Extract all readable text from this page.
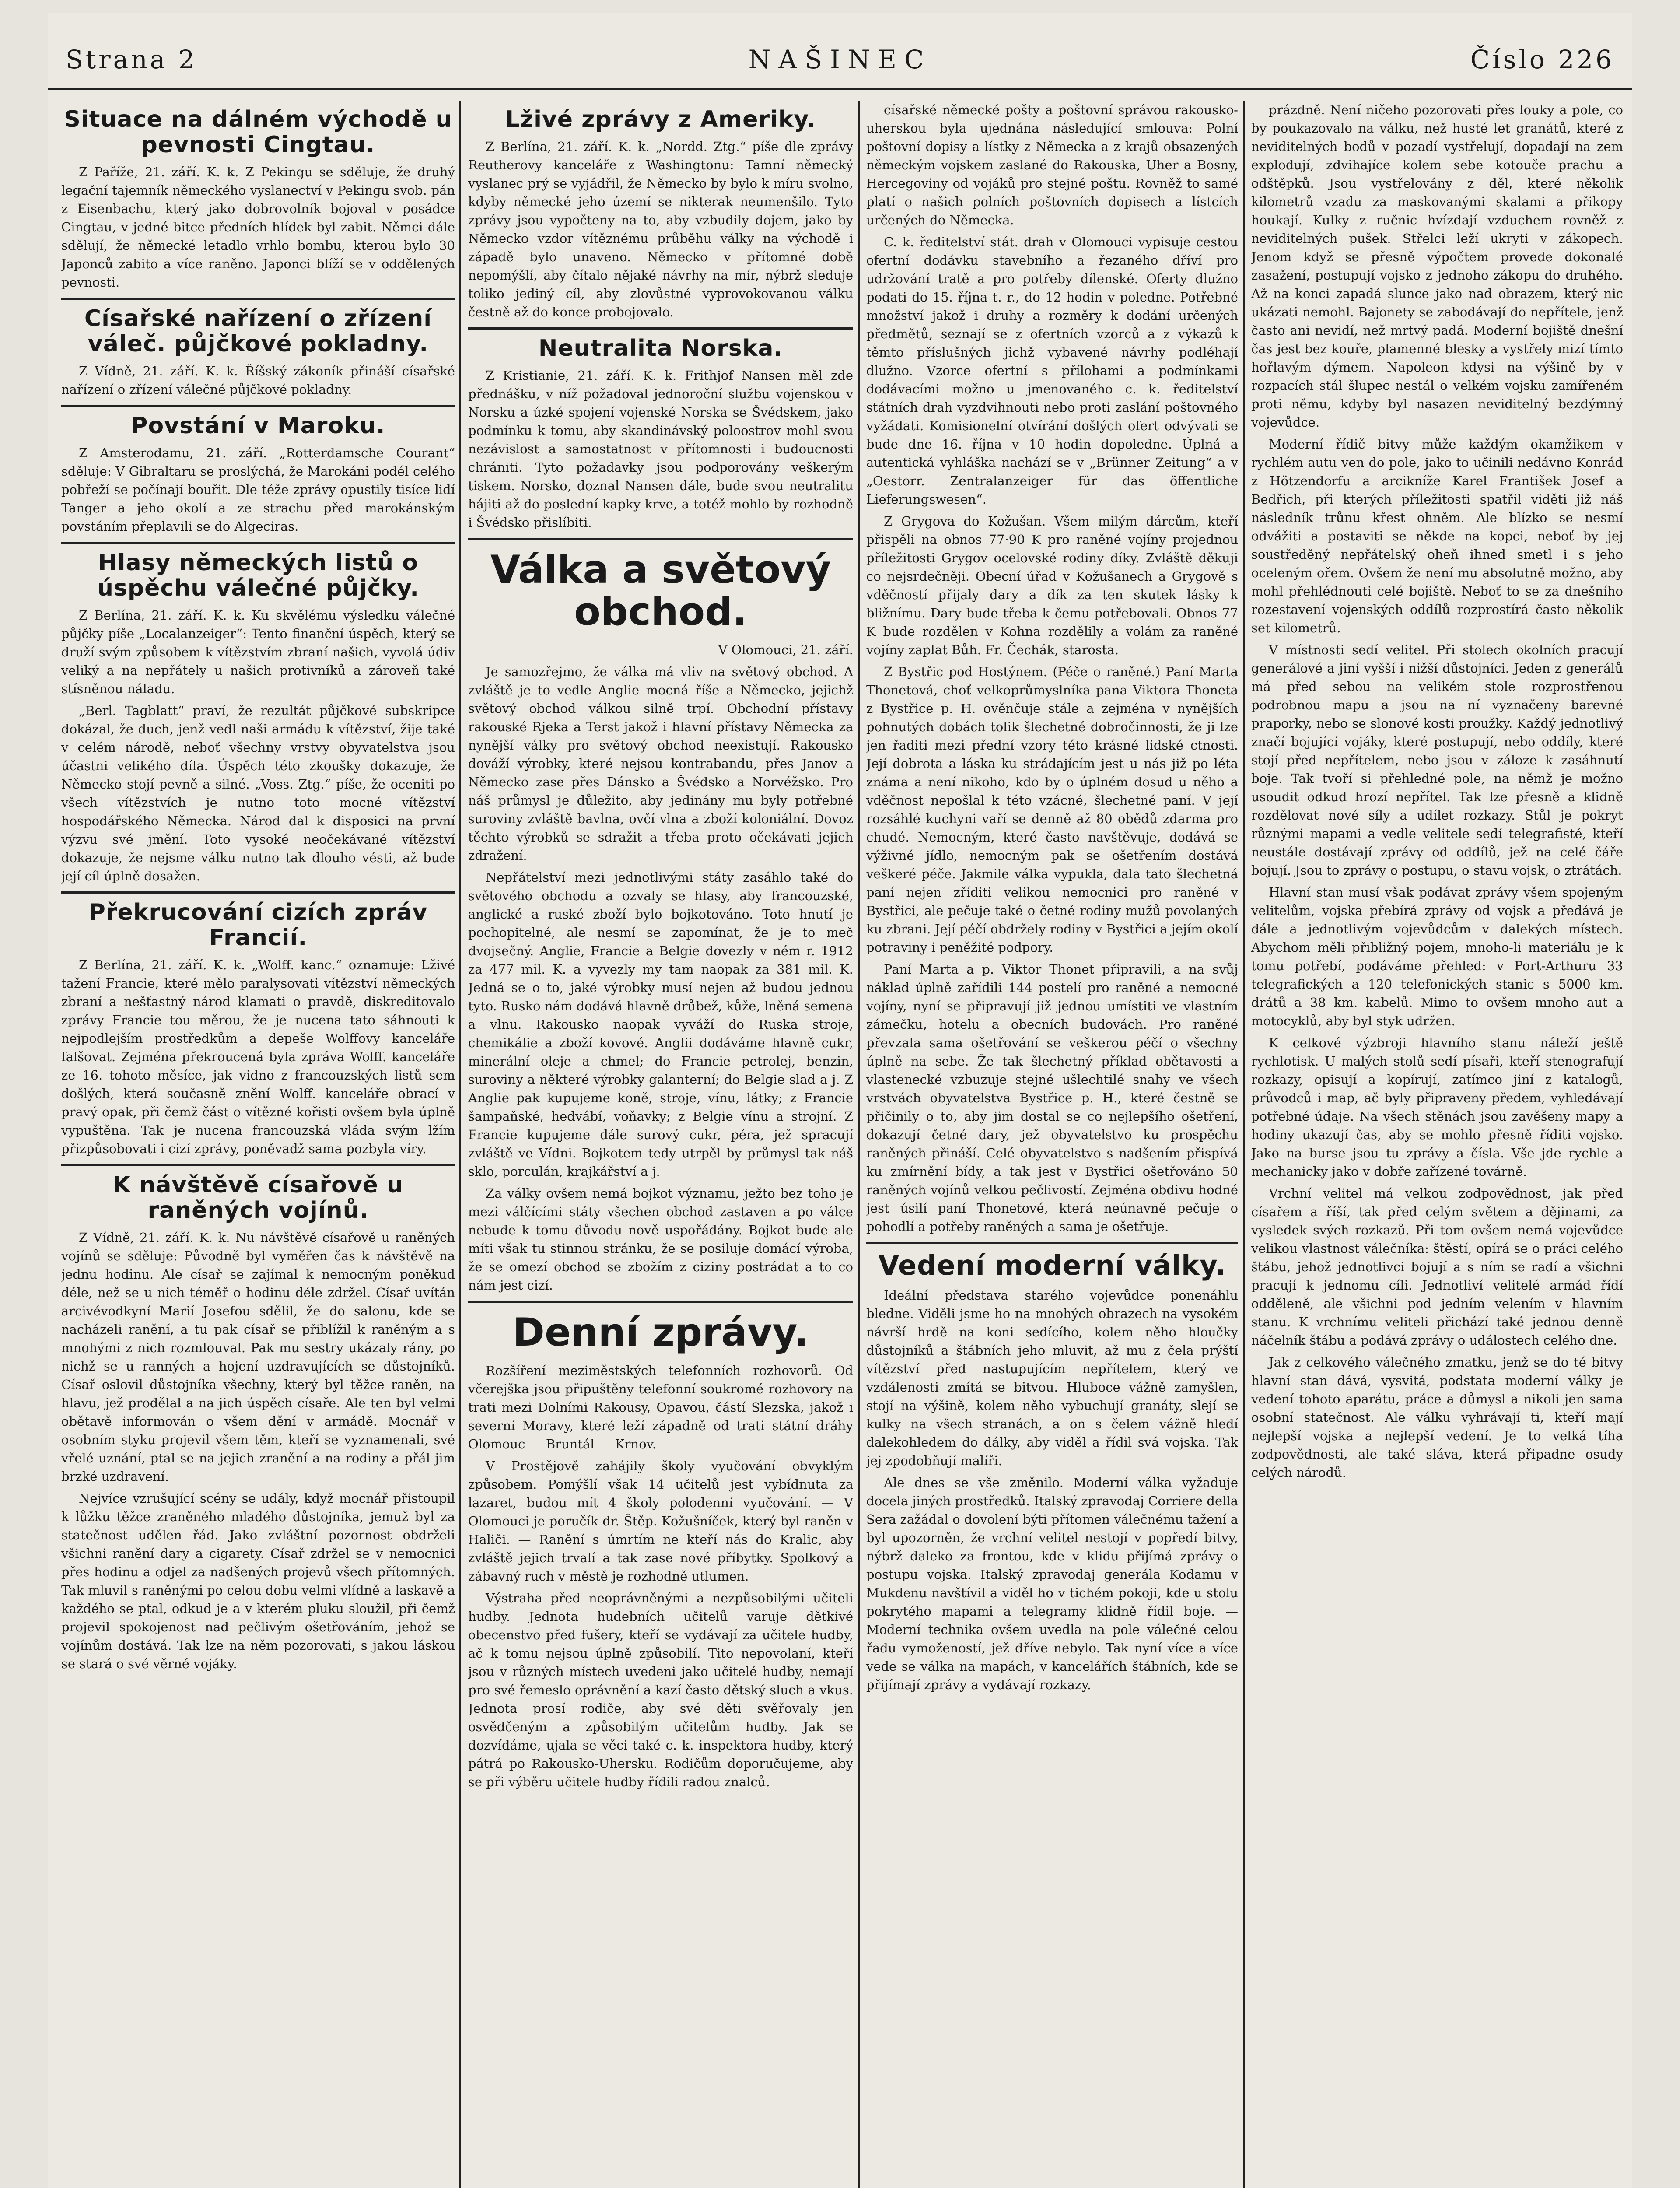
Strana 2	NAŠINEC	Číslo 226
Situace na dálném východě u pevnosti Cingtau.

Z Paříže, 21. září. K. k. Z Pekingu se sděluje, že druhý legační tajemník německého vyslanectví v Pekingu svob. pán z Eisenbachu, který jako dobrovolník bojoval v posádce Cingtau, v jedné bitce předních hlídek byl zabit. Němci dále sdělují, že německé letadlo vrhlo bombu, kterou bylo 30 Japonců zabito a více raněno. Japonci blíží se v oddělených pevnosti.

Císařské nařízení o zřízení váleč. půjčkové pokladny.

Z Vídně, 21. září. K. k. Říšský zákoník přináší císařské nařízení o zřízení válečné půjčkové pokladny.

Povstání v Maroku.

Z Amsterodamu, 21. září. „Rotterdamsche Courant“ sděluje: V Gibraltaru se proslýchá, že Marokáni podél celého pobřeží se počínají bouřit. Dle téže zprávy opustily tisíce lidí Tanger a jeho okolí a ze strachu před marokánským povstáním přeplavili se do Algeciras.

Hlasy německých listů o úspěchu válečné půjčky.

Z Berlína, 21. září. K. k. Ku skvělému výsledku válečné půjčky píše „Localanzeiger“: Tento finanční úspěch, který se druží svým způsobem k vítězstvím zbraní našich, vyvolá údiv veliký a na nepřátely u našich protivníků a zároveň také stísněnou náladu.

„Berl. Tagblatt“ praví, že rezultát půjčkové subskripce dokázal, že duch, jenž vedl naši armádu k vítězství, žije také v celém národě, neboť všechny vrstvy obyvatelstva jsou účastni velikého díla. Úspěch této zkoušky dokazuje, že Německo stojí pevně a silné. „Voss. Ztg.“ píše, že oceniti po všech vítězstvích je nutno toto mocné vítězství hospodářského Německa. Národ dal k disposici na první výzvu své jmění. Toto vysoké neočekávané vítězství dokazuje, že nejsme válku nutno tak dlouho vésti, až bude její cíl úplně dosažen.

Překrucování cizích zpráv Francií.

Z Berlína, 21. září. K. k. „Wolff. kanc.“ oznamuje: Lživé tažení Francie, které mělo paralysovati vítězství německých zbraní a nešťastný národ klamati o pravdě, diskreditovalo zprávy Francie tou měrou, že je nucena tato sáhnouti k nejpodlejším prostředkům a depeše Wolffovy kanceláře falšovat. Zejména překroucená byla zpráva Wolff. kanceláře ze 16. tohoto měsíce, jak vidno z francouzských listů sem došlých, která současně znění Wolff. kanceláře obrací v pravý opak, při čemž část o vítězné kořisti ovšem byla úplně vypuštěna. Tak je nucena francouzská vláda svým lžím přizpůsobovati i cizí zprávy, poněvadž sama pozbyla víry.

K návštěvě císařově u raněných vojínů.

Z Vídně, 21. září. K. k. Nu návštěvě císařově u raněných vojínů se sděluje: Původně byl vyměřen čas k návštěvě na jednu hodinu. Ale císař se zajímal k nemocným poněkud déle, než se u nich téměř o hodinu déle zdržel. Císař uvítán arcivévodkyní Marií Josefou sdělil, že do salonu, kde se nacházeli ranění, a tu pak císař se přiblížil k raněným a s mnohými z nich rozmlouval. Pak mu sestry ukázaly rány, po nichž se u ranných a hojení uzdravujících se důstojníků. Císař oslovil důstojníka všechny, který byl těžce raněn, na hlavu, jež prodělal a na jich úspěch císaře. Ale ten byl velmi obětavě informován o všem dění v armádě. Mocnář v osobním styku projevil všem těm, kteří se vyznamenali, své vřelé uznání, ptal se na jejich zranění a na rodiny a přál jim brzké uzdravení.

Nejvíce vzrušující scény se udály, když mocnář přistoupil k lůžku těžce zraněného mladého důstojníka, jemuž byl za statečnost udělen řád. Jako zvláštní pozornost obdrželi všichni ranění dary a cigarety. Císař zdržel se v nemocnici přes hodinu a odjel za nadšených projevů všech přítomných. Tak mluvil s raněnými po celou dobu velmi vlídně a laskavě a každého se ptal, odkud je a v kterém pluku sloužil, při čemž projevil spokojenost nad pečlivým ošetřováním, jehož se vojínům dostává. Tak lze na něm pozorovati, s jakou láskou se stará o své věrné vojáky.

Lživé zprávy z Ameriky.

Z Berlína, 21. září. K. k. „Nordd. Ztg.“ píše dle zprávy Reutherovy kanceláře z Washingtonu: Tamní německý vyslanec prý se vyjádřil, že Německo by bylo k míru svolno, kdyby německé jeho území se nikterak neumenšilo. Tyto zprávy jsou vypočteny na to, aby vzbudily dojem, jako by Německo vzdor vítěznému průběhu války na východě i západě bylo unaveno. Německo v přítomné době nepomýšlí, aby čítalo nějaké návrhy na mír, nýbrž sleduje toliko jediný cíl, aby zlovůstné vyprovokovanou válku čestně až do konce probojovalo.

Neutralita Norska.

Z Kristianie, 21. září. K. k. Frithjof Nansen měl zde přednášku, v níž požadoval jednoroční službu vojenskou v Norsku a úzké spojení vojenské Norska se Švédskem, jako podmínku k tomu, aby skandinávský poloostrov mohl svou nezávislost a samostatnost v přítomnosti i budoucnosti chrániti. Tyto požadavky jsou podporovány veškerým tiskem. Norsko, doznal Nansen dále, bude svou neutralitu hájiti až do poslední kapky krve, a totéž mohlo by rozhodně i Švédsko přislíbiti.

Válka a světový obchod.

V Olomouci, 21. září.

Je samozřejmo, že válka má vliv na světový obchod. A zvláště je to vedle Anglie mocná říše a Německo, jejichž světový obchod válkou silně trpí. Obchodní přístavy rakouské Rjeka a Terst jakož i hlavní přístavy Německa za nynější války pro světový obchod neexistují. Rakousko dováží výrobky, které nejsou kontrabandu, přes Janov a Německo zase přes Dánsko a Švédsko a Norvéžsko. Pro náš průmysl je důležito, aby jedinány mu byly potřebné suroviny zvláště bavlna, ovčí vlna a zboží koloniální. Dovoz těchto výrobků se sdražit a třeba proto očekávati jejich zdražení.

Nepřátelství mezi jednotlivými státy zasáhlo také do světového obchodu a ozvaly se hlasy, aby francouzské, anglické a ruské zboží bylo bojkotováno. Toto hnutí je pochopitelné, ale nesmí se zapomínat, že je to meč dvojsečný. Anglie, Francie a Belgie dovezly v ném r. 1912 za 477 mil. K. a vyvezly my tam naopak za 381 mil. K. Jedná se o to, jaké výrobky musí nejen až budou jednou tyto. Rusko nám dodává hlavně drůbež, kůže, lněná semena a vlnu. Rakousko naopak vyváží do Ruska stroje, chemikálie a zboží kovové. Anglii dodáváme hlavně cukr, minerální oleje a chmel; do Francie petrolej, benzin, suroviny a některé výrobky galanterní; do Belgie slad a j. Z Anglie pak kupujeme koně, stroje, vínu, látky; z Francie šampaňské, hedvábí, voňavky; z Belgie vínu a strojní. Z Francie kupujeme dále surový cukr, péra, jež spracují zvláště ve Vídni. Bojkotem tedy utrpěl by průmysl tak náš sklo, porculán, krajkářství a j.

Za války ovšem nemá bojkot významu, ježto bez toho je mezi válčícími státy všechen obchod zastaven a po válce nebude k tomu důvodu nově uspořádány. Bojkot bude ale míti však tu stinnou stránku, že se posiluje domácí výroba, že se omezí obchod se zbožím z ciziny postrádat a to co nám jest cizí.

Denní zprávy.

Rozšíření meziměstských telefonních rozhovorů. Od včerejška jsou připuštěny telefonní soukromé rozhovory na trati mezi Dolními Rakousy, Opavou, částí Slezska, jakož i severní Moravy, které leží západně od trati státní dráhy Olomouc — Bruntál — Krnov.

V Prostějově zahájily školy vyučování obvyklým způsobem. Pomýšlí však 14 učitelů jest vybídnuta za lazaret, budou mít 4 školy polodenní vyučování. — V Olomouci je poručík dr. Štěp. Kožušníček, který byl raněn v Haliči. — Ranění s úmrtím ne kteří nás do Kralic, aby zvláště jejich trvalí a tak zase nové příbytky. Spolkový a zábavný ruch v městě je rozhodně utlumen.

Výstraha před neoprávněnými a nezpůsobilými učiteli hudby. Jednota hudebních učitelů varuje dětkivé obecenstvo před fušery, kteří se vydávají za učitele hudby, ač k tomu nejsou úplně způsobilí. Tito nepovolaní, kteří jsou v různých místech uvedeni jako učitelé hudby, nemají pro své řemeslo oprávnění a kazí často dětský sluch a vkus. Jednota prosí rodiče, aby své děti svěřovaly jen osvědčeným a způsobilým učitelům hudby. Jak se dozvídáme, ujala se věci také c. k. inspektora hudby, který pátrá po Rakousko-Uhersku. Rodičům doporučujeme, aby se při výběru učitele hudby řídili radou znalců.

císařské německé pošty a poštovní správou rakousko-uherskou byla ujednána následující smlouva: Polní poštovní dopisy a lístky z Německa a z krajů obsazených německým vojskem zaslané do Rakouska, Uher a Bosny, Hercegoviny od vojáků pro stejné poštu. Rovněž to samé platí o našich polních poštovních dopisech a lístcích určených do Německa.

C. k. ředitelství stát. drah v Olomouci vypisuje cestou ofertní dodávku stavebního a řezaného dříví pro udržování tratě a pro potřeby dílenské. Oferty dlužno podati do 15. října t. r., do 12 hodin v poledne. Potřebné množství jakož i druhy a rozměry k dodání určených předmětů, seznají se z ofertních vzorců a z výkazů k těmto příslušných jichž vybavené návrhy podléhají dlužno. Vzorce ofertní s přílohami a podmínkami dodávacími možno u jmenovaného c. k. ředitelství státních drah vyzdvihnouti nebo proti zaslání poštovného vyžádati. Komisionelní otvírání došlých ofert odvývati se bude dne 16. října v 10 hodin dopoledne. Úplná a autentická vyhláška nachází se v „Brünner Zeitung“ a v „Oestorr. Zentralanzeiger für das öffentliche Lieferungswesen“.

Z Grygova do Kožušan. Všem milým dárcům, kteří přispěli na obnos 77·90 K pro raněné vojíny projednou příležitosti Grygov ocelovské rodiny díky. Zvláště děkuji co nejsrdečněji. Obecní úřad v Kožušanech a Grygově s vděčností přijaly dary a dík za ten skutek lásky k bližnímu. Dary bude třeba k čemu potřebovali. Obnos 77 K bude rozdělen v Kohna rozdělily a volám za raněné vojíny zaplat Bůh. Fr. Čechák, starosta.

Z Bystřic pod Hostýnem. (Péče o raněné.) Paní Marta Thonetová, choť velkoprůmyslníka pana Viktora Thoneta z Bystřice p. H. ověnčuje stále a zejména v nynějších pohnutých dobách tolik šlechetné dobročinnosti, že ji lze jen řaditi mezi přední vzory této krásné lidské ctnosti. Její dobrota a láska ku strádajícím jest u nás již po léta známa a není nikoho, kdo by o úplném dosud u něho a vděčnost nepošlal k této vzácné, šlechetné paní. V její rozsáhlé kuchyni vaří se denně až 80 obědů zdarma pro chudé. Nemocným, které často navštěvuje, dodává se výživné jídlo, nemocným pak se ošetřením dostává veškeré péče. Jakmile válka vypukla, dala tato šlechetná paní nejen zříditi velikou nemocnici pro raněné v Bystřici, ale pečuje také o četné rodiny mužů povolaných ku zbrani. Její péčí obdržely rodiny v Bystřici a jejím okolí potraviny i peněžité podpory.

Paní Marta a p. Viktor Thonet připravili, a na svůj náklad úplně zařídili 144 postelí pro raněné a nemocné vojíny, nyní se připravují již jednou umístiti ve vlastním zámečku, hotelu a obecních budovách. Pro raněné převzala sama ošetřování se veškerou péčí o všechny úplně na sebe. Že tak šlechetný příklad obětavosti a vlastenecké vzbuzuje stejné ušlechtilé snahy ve všech vrstvách obyvatelstva Bystřice p. H., které čestně se přičinily o to, aby jim dostal se co nejlepšího ošetření, dokazují četné dary, jež obyvatelstvo ku prospěchu raněných přináší. Celé obyvatelstvo s nadšením přispívá ku zmírnění bídy, a tak jest v Bystřici ošetřováno 50 raněných vojínů velkou pečlivostí. Zejména obdivu hodné jest úsilí paní Thonetové, která neúnavně pečuje o pohodlí a potřeby raněných a sama je ošetřuje.

Vedení moderní války.

Ideální představa starého vojevůdce ponenáhlu bledne. Viděli jsme ho na mnohých obrazech na vysokém návrší hrdě na koni sedícího, kolem něho hloučky důstojníků a štábních jeho mluvit, až mu z čela prýští vítězství před nastupujícím nepřítelem, který ve vzdálenosti zmítá se bitvou. Hluboce vážně zamyšlen, stojí na výšině, kolem něho vybuchují granáty, slejí se kulky na všech stranách, a on s čelem vážně hledí dalekohledem do dálky, aby viděl a řídil svá vojska. Tak jej zpodobňují malíři.

Ale dnes se vše změnilo. Moderní válka vyžaduje docela jiných prostředků. Italský zpravodaj Corriere della Sera zažádal o dovolení býti přítomen válečnému tažení a byl upozorněn, že vrchní velitel nestojí v popředí bitvy, nýbrž daleko za frontou, kde v klidu přijímá zprávy o postupu vojska. Italský zpravodaj generála Kodamu v Mukdenu navštívil a viděl ho v tichém pokoji, kde u stolu pokrytého mapami a telegramy klidně řídil boje. — Moderní technika ovšem uvedla na pole válečné celou řadu vymožeností, jež dříve nebylo. Tak nyní více a více vede se válka na mapách, v kancelářích štábních, kde se přijímají zprávy a vydávají rozkazy.

prázdně. Není ničeho pozorovati přes louky a pole, co by poukazovalo na válku, než husté let granátů, které z neviditelných bodů v pozadí vystřelují, dopadají na zem explodují, zdvihajíce kolem sebe kotouče prachu a odštěpků. Jsou vystřelovány z děl, které několik kilometrů vzadu za maskovanými skalami a přikopy houkají. Kulky z ručnic hvízdají vzduchem rovněž z neviditelných pušek. Střelci leží ukryti v zákopech. Jenom když se přesně výpočtem provede dokonalé zasažení, postupují vojsko z jednoho zákopu do druhého. Až na konci zapadá slunce jako nad obrazem, který nic ukázati nemohl. Bajonety se zabodávají do nepřítele, jenž často ani nevidí, než mrtvý padá. Moderní bojiště dnešní čas jest bez kouře, plamenné blesky a vystřely mizí tímto hořlavým dýmem. Napoleon kdysi na výšině by v rozpacích stál šlupec nestál o velkém vojsku zamířeném proti němu, kdyby byl nasazen neviditelný bezdýmný vojevůdce.

Moderní řídič bitvy může každým okamžikem v rychlém autu ven do pole, jako to učinili nedávno Konrád z Hötzendorfu a arcikníže Karel František Josef a Bedřich, při kterých příležitosti spatřil viděti již náš následník trůnu křest ohněm. Ale blízko se nesmí odvážiti a postaviti se někde na kopci, neboť by jej soustředěný nepřátelský oheň ihned smetl i s jeho oceleným ořem. Ovšem že není mu absolutně možno, aby mohl přehlédnouti celé bojiště. Neboť to se za dnešního rozestavení vojenských oddílů rozprostírá často několik set kilometrů.

V místnosti sedí velitel. Při stolech okolních pracují generálové a jiní vyšší i nižší důstojníci. Jeden z generálů má před sebou na velikém stole rozprostřenou podrobnou mapu a jsou na ní vyznačeny barevné praporky, nebo se slonové kosti proužky. Každý jednotlivý značí bojující vojáky, které postupují, nebo oddíly, které stojí před nepřítelem, nebo jsou v záloze k zasáhnutí boje. Tak tvoří si přehledné pole, na němž je možno usoudit odkud hrozí nepřítel. Tak lze přesně a klidně rozdělovat nové síly a udílet rozkazy. Stůl je pokryt různými mapami a vedle velitele sedí telegrafisté, kteří neustále dostávají zprávy od oddílů, jež na celé čáře bojují. Jsou to zprávy o postupu, o stavu vojsk, o ztrátách.

Hlavní stan musí však podávat zprávy všem spojeným velitelům, vojska přebírá zprávy od vojsk a předává je dále a jednotlivým vojevůdcům v dalekých místech. Abychom měli přibližný pojem, mnoho-li materiálu je k tomu potřebí, podáváme přehled: v Port-Arthuru 33 telegrafických a 120 telefonických stanic s 5000 km. drátů a 38 km. kabelů. Mimo to ovšem mnoho aut a motocyklů, aby byl styk udržen.

K celkové výzbroji hlavního stanu náleží ještě rychlotisk. U malých stolů sedí písaři, kteří stenografují rozkazy, opisují a kopírují, zatímco jiní z katalogů, průvodců i map, ač byly připraveny předem, vyhledávají potřebné údaje. Na všech stěnách jsou zavěšeny mapy a hodiny ukazují čas, aby se mohlo přesně říditi vojsko. Jako na burse jsou tu zprávy a čísla. Vše jde rychle a mechanicky jako v dobře zařízené továrně.

Vrchní velitel má velkou zodpovědnost, jak před císařem a říší, tak před celým světem a dějinami, za vysledek svých rozkazů. Při tom ovšem nemá vojevůdce velikou vlastnost válečníka: štěstí, opírá se o práci celého štábu, jehož jednotlivci bojují a s ním se radí a všichni pracují k jednomu cíli. Jednotliví velitelé armád řídí odděleně, ale všichni pod jedním velením v hlavním stanu. K vrchnímu veliteli přichází také jednou denně náčelník štábu a podává zprávy o událostech celého dne.

Jak z celkového válečného zmatku, jenž se do té bitvy hlavní stan dává, vysvitá, podstata moderní války je vedení tohoto aparátu, práce a důmysl a nikoli jen sama osobní statečnost. Ale válku vyhrávají ti, kteří mají nejlepší vojska a nejlepší vedení. Je to velká tíha zodpovědnosti, ale také sláva, která připadne osudy celých národů.
